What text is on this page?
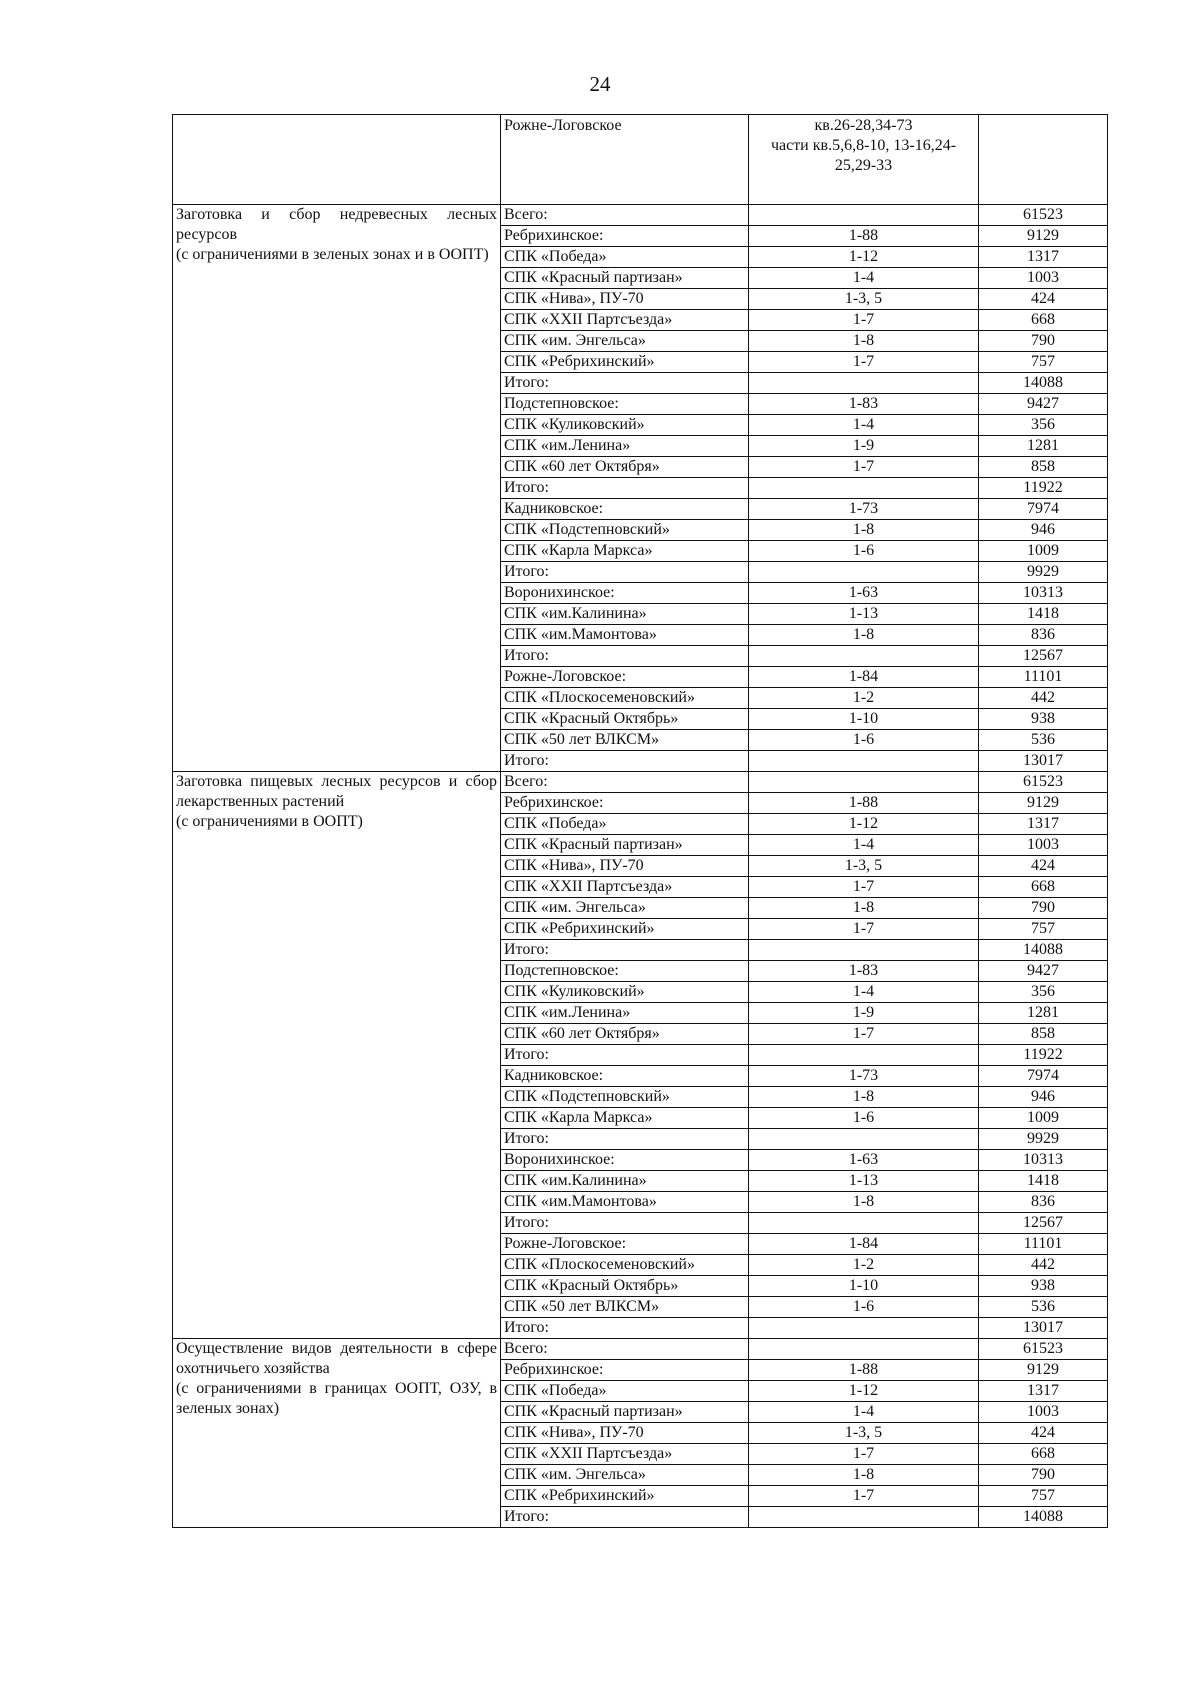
24
	Рожне-Логовское	кв.26-28,34-73
части кв.5,6,8-10, 13-16,24-25,29-33	

Заготовка и сбор недревесных лесных ресурсов
(с ограничениями в зеленых зонах и в ООПТ)	Всего:		61523
	Ребрихинское:	1-88	9129
	СПК «Победа»	1-12	1317
	СПК «Красный партизан»	1-4	1003
	СПК «Нива», ПУ-70	1-3, 5	424
	СПК «XXII Партсъезда»	1-7	668
	СПК «им. Энгельса»	1-8	790
	СПК «Ребрихинский»	1-7	757
	Итого:		14088
	Подстепновское:	1-83	9427
	СПК «Куликовский»	1-4	356
	СПК «им.Ленина»	1-9	1281
	СПК «60 лет Октября»	1-7	858
	Итого:		11922
	Кадниковское:	1-73	7974
	СПК «Подстепновский»	1-8	946
	СПК «Карла Маркса»	1-6	1009
	Итого:		9929
	Воронихинское:	1-63	10313
	СПК «им.Калинина»	1-13	1418
	СПК «им.Мамонтова»	1-8	836
	Итого:		12567
	Рожне-Логовское:	1-84	11101
	СПК «Плоскосеменовский»	1-2	442
	СПК «Красный Октябрь»	1-10	938
	СПК «50 лет ВЛКСМ»	1-6	536
	Итого:		13017

Заготовка пищевых лесных ресурсов и сбор лекарственных растений
(с ограничениями в ООПТ)	Всего:		61523
	Ребрихинское:	1-88	9129
	СПК «Победа»	1-12	1317
	СПК «Красный партизан»	1-4	1003
	СПК «Нива», ПУ-70	1-3, 5	424
	СПК «XXII Партсъезда»	1-7	668
	СПК «им. Энгельса»	1-8	790
	СПК «Ребрихинский»	1-7	757
	Итого:		14088
	Подстепновское:	1-83	9427
	СПК «Куликовский»	1-4	356
	СПК «им.Ленина»	1-9	1281
	СПК «60 лет Октября»	1-7	858
	Итого:		11922
	Кадниковское:	1-73	7974
	СПК «Подстепновский»	1-8	946
	СПК «Карла Маркса»	1-6	1009
	Итого:		9929
	Воронихинское:	1-63	10313
	СПК «им.Калинина»	1-13	1418
	СПК «им.Мамонтова»	1-8	836
	Итого:		12567
	Рожне-Логовское:	1-84	11101
	СПК «Плоскосеменовский»	1-2	442
	СПК «Красный Октябрь»	1-10	938
	СПК «50 лет ВЛКСМ»	1-6	536
	Итого:		13017

Осуществление видов деятельности в сфере охотничьего хозяйства
(с ограничениями в границах ООПТ, ОЗУ, в зеленых зонах)	Всего:		61523
	Ребрихинское:	1-88	9129
	СПК «Победа»	1-12	1317
	СПК «Красный партизан»	1-4	1003
	СПК «Нива», ПУ-70	1-3, 5	424
	СПК «XXII Партсъезда»	1-7	668
	СПК «им. Энгельса»	1-8	790
	СПК «Ребрихинский»	1-7	757
	Итого:		14088
